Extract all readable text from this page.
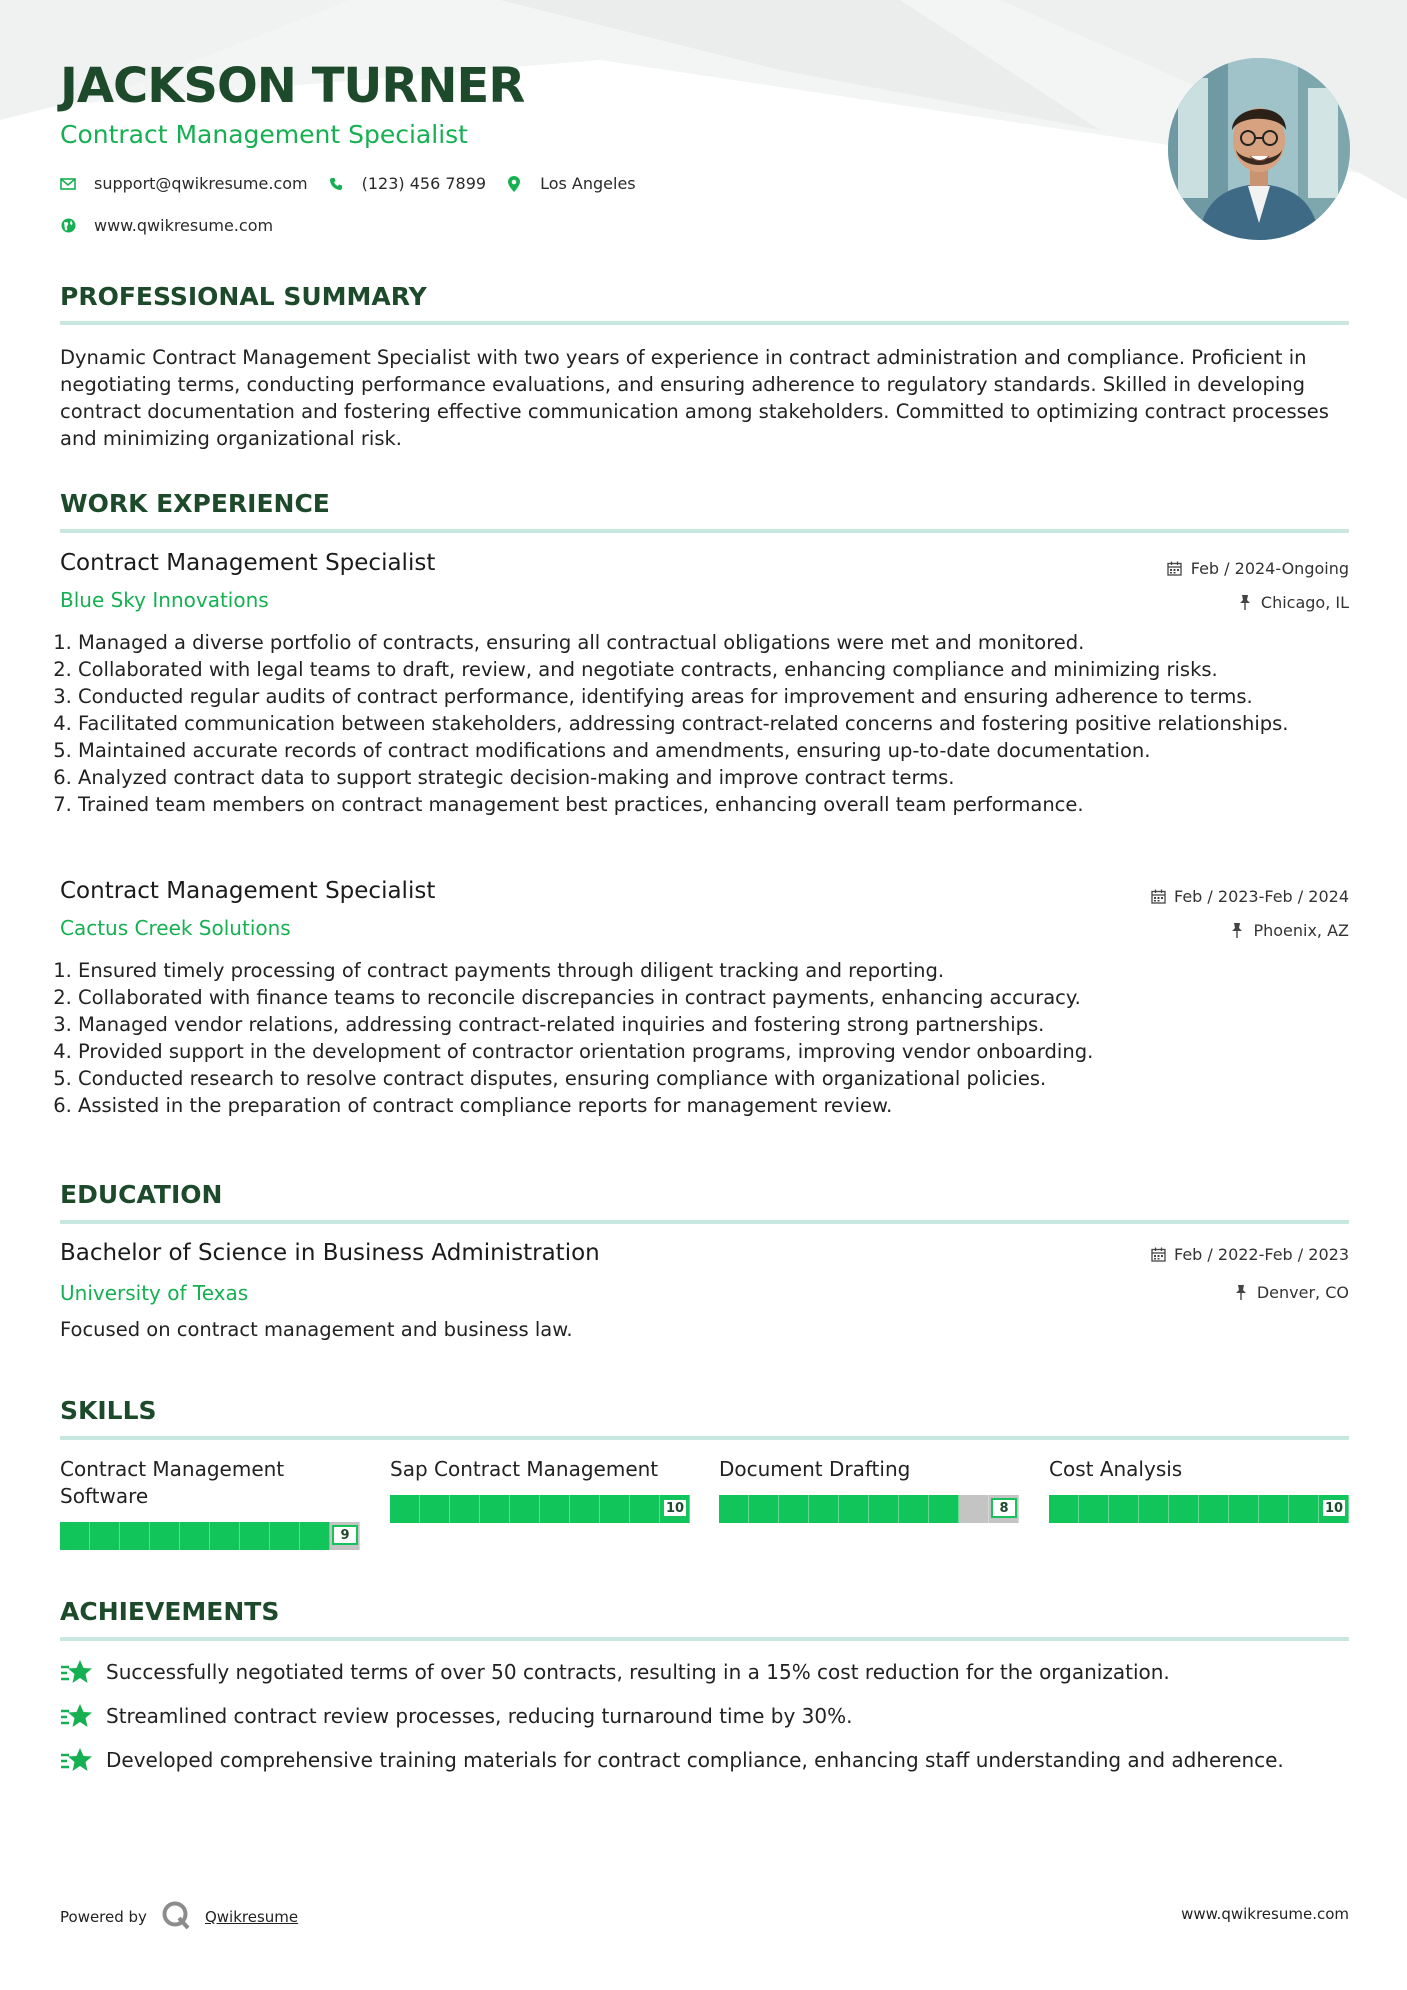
JACKSON TURNER
Contract Management Specialist
support@qwikresume.com	(123) 456 7899	Los Angeles
www.qwikresume.com
PROFESSIONAL SUMMARY
Dynamic Contract Management Specialist with two years of experience in contract administration and compliance. Proficient in negotiating terms, conducting performance evaluations, and ensuring adherence to regulatory standards. Skilled in developing contract documentation and fostering effective communication among stakeholders. Committed to optimizing contract processes and minimizing organizational risk.
WORK EXPERIENCE
Contract Management Specialist	Feb / 2024-Ongoing
Blue Sky Innovations	Chicago, IL
1. Managed a diverse portfolio of contracts, ensuring all contractual obligations were met and monitored.
2. Collaborated with legal teams to draft, review, and negotiate contracts, enhancing compliance and minimizing risks.
3. Conducted regular audits of contract performance, identifying areas for improvement and ensuring adherence to terms.
4. Facilitated communication between stakeholders, addressing contract-related concerns and fostering positive relationships.
5. Maintained accurate records of contract modifications and amendments, ensuring up-to-date documentation.
6. Analyzed contract data to support strategic decision-making and improve contract terms.
7. Trained team members on contract management best practices, enhancing overall team performance.
Contract Management Specialist	Feb / 2023-Feb / 2024
Cactus Creek Solutions	Phoenix, AZ
1. Ensured timely processing of contract payments through diligent tracking and reporting.
2. Collaborated with finance teams to reconcile discrepancies in contract payments, enhancing accuracy.
3. Managed vendor relations, addressing contract-related inquiries and fostering strong partnerships.
4. Provided support in the development of contractor orientation programs, improving vendor onboarding.
5. Conducted research to resolve contract disputes, ensuring compliance with organizational policies.
6. Assisted in the preparation of contract compliance reports for management review.
EDUCATION
Bachelor of Science in Business Administration	Feb / 2022-Feb / 2023
University of Texas	Denver, CO
Focused on contract management and business law.
SKILLS
Contract Management Software
9
Sap Contract Management
10
Document Drafting
8
Cost Analysis
10
ACHIEVEMENTS
Successfully negotiated terms of over 50 contracts, resulting in a 15% cost reduction for the organization.
Streamlined contract review processes, reducing turnaround time by 30%.
Developed comprehensive training materials for contract compliance, enhancing staff understanding and adherence.
Powered by	Qwikresume	www.qwikresume.com
